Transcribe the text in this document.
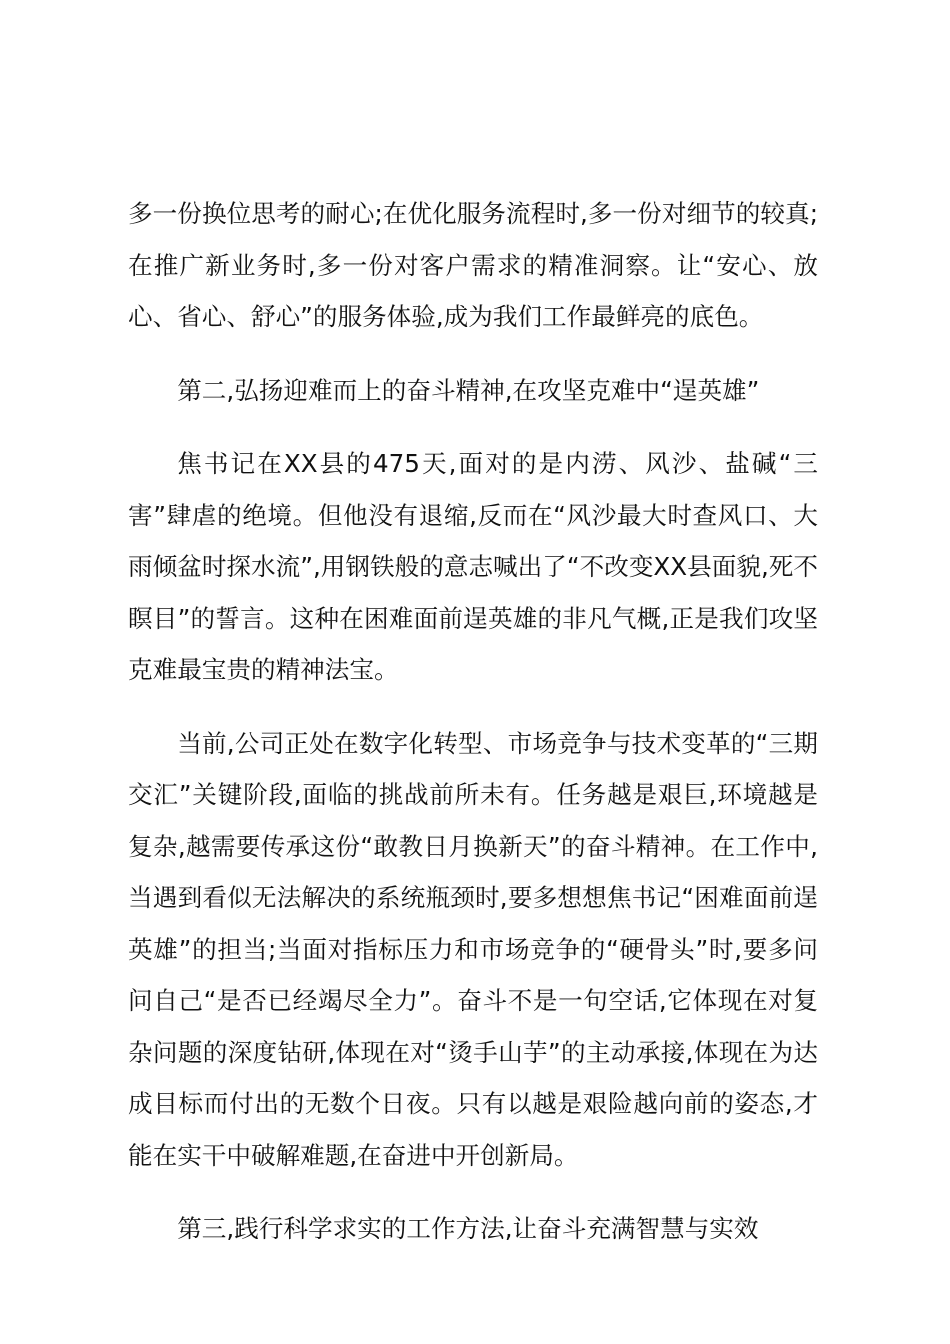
多一份换位思考的耐心;在优化服务流程时,多一份对细节的较真;在推广新业务时,多一份对客户需求的精准洞察。让“安心、放心、省心、舒心”的服务体验,成为我们工作最鲜亮的底色。

第二,弘扬迎难而上的奋斗精神,在攻坚克难中“逞英雄”

焦书记在XX县的475天,面对的是内涝、风沙、盐碱“三害”肆虐的绝境。但他没有退缩,反而在“风沙最大时查风口、大雨倾盆时探水流”,用钢铁般的意志喊出了“不改变XX县面貌,死不瞑目”的誓言。这种在困难面前逞英雄的非凡气概,正是我们攻坚克难最宝贵的精神法宝。

当前,公司正处在数字化转型、市场竞争与技术变革的“三期交汇”关键阶段,面临的挑战前所未有。任务越是艰巨,环境越是复杂,越需要传承这份“敢教日月换新天”的奋斗精神。在工作中,当遇到看似无法解决的系统瓶颈时,要多想想焦书记“困难面前逞英雄”的担当;当面对指标压力和市场竞争的“硬骨头”时,要多问问自己“是否已经竭尽全力”。奋斗不是一句空话,它体现在对复杂问题的深度钻研,体现在对“烫手山芋”的主动承接,体现在为达成目标而付出的无数个日夜。只有以越是艰险越向前的姿态,才能在实干中破解难题,在奋进中开创新局。

第三,践行科学求实的工作方法,让奋斗充满智慧与实效
